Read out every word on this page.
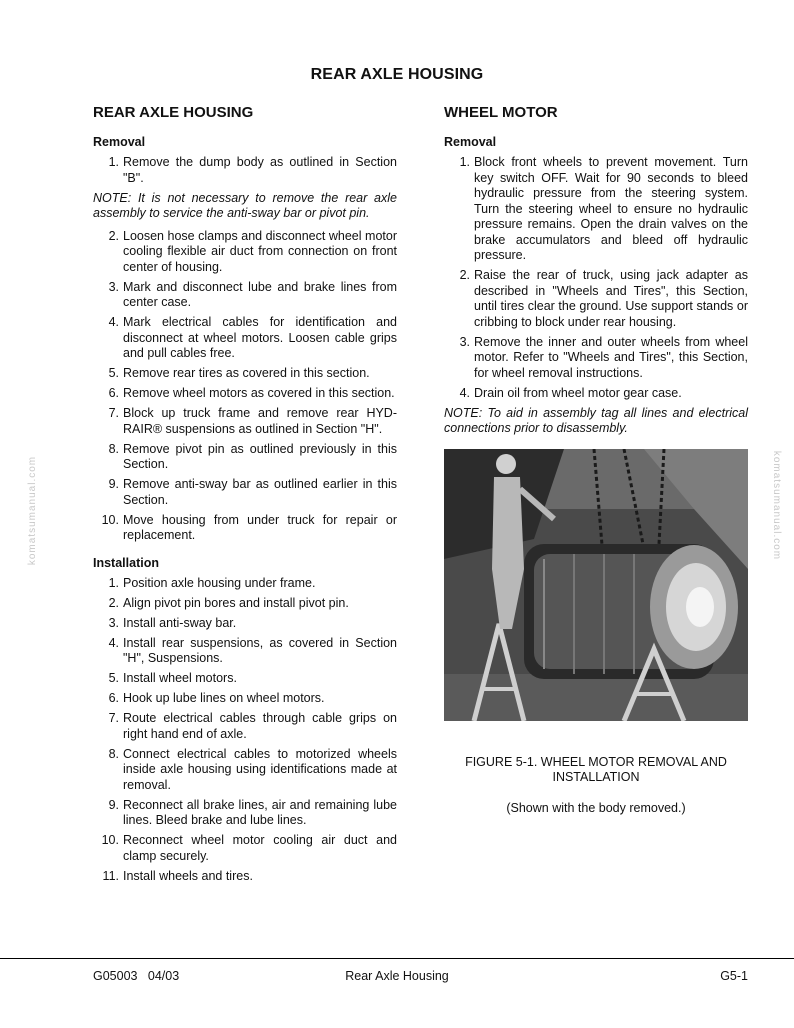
REAR AXLE HOUSING
komatsumanual.com	komatsumanual.com
REAR AXLE HOUSING
Removal
1. Remove the dump body as outlined in Section "B".
NOTE: It is not necessary to remove the rear axle assembly to service the anti-sway bar or pivot pin.
2. Loosen hose clamps and disconnect wheel motor cooling flexible air duct from connection on front center of housing.
3. Mark and disconnect lube and brake lines from center case.
4. Mark electrical cables for identification and disconnect at wheel motors. Loosen cable grips and pull cables free.
5. Remove rear tires as covered in this section.
6. Remove wheel motors as covered in this section.
7. Block up truck frame and remove rear HYD-RAIR® suspensions as outlined in Section "H".
8. Remove pivot pin as outlined previously in this Section.
9. Remove anti-sway bar as outlined earlier in this Section.
10. Move housing from under truck for repair or replacement.
Installation
1. Position axle housing under frame.
2. Align pivot pin bores and install pivot pin.
3. Install anti-sway bar.
4. Install rear suspensions, as covered in Section "H", Suspensions.
5. Install wheel motors.
6. Hook up lube lines on wheel motors.
7. Route electrical cables through cable grips on right hand end of axle.
8. Connect electrical cables to motorized wheels inside axle housing using identifications made at removal.
9. Reconnect all brake lines, air and remaining lube lines. Bleed brake and lube lines.
10. Reconnect wheel motor cooling air duct and clamp securely.
11. Install wheels and tires.
WHEEL MOTOR
Removal
1. Block front wheels to prevent movement. Turn key switch OFF. Wait for 90 seconds to bleed hydraulic pressure from the steering system. Turn the steering wheel to ensure no hydraulic pressure remains. Open the drain valves on the brake accumulators and bleed off hydraulic pressure.
2. Raise the rear of truck, using jack adapter as described in "Wheels and Tires", this Section, until tires clear the ground. Use support stands or cribbing to block under rear housing.
3. Remove the inner and outer wheels from wheel motor. Refer to "Wheels and Tires", this Section, for wheel removal instructions.
4. Drain oil from wheel motor gear case.
NOTE: To aid in assembly tag all lines and electrical connections prior to disassembly.
FIGURE 5-1. WHEEL MOTOR REMOVAL AND INSTALLATION
(Shown with the body removed.)
G05003   04/03	Rear Axle Housing	G5-1
